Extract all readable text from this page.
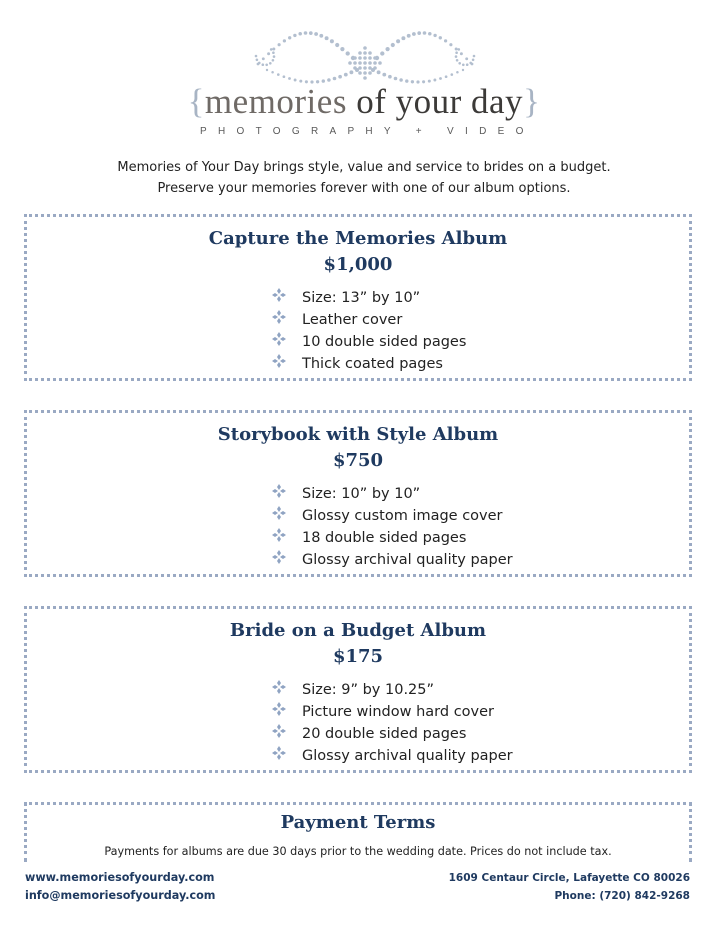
{memories of your day}
PHOTOGRAPHY + VIDEO
Memories of Your Day brings style, value and service to brides on a budget.
Preserve your memories forever with one of our album options.
Capture the Memories Album
$1,000
Size: 13” by 10”
Leather cover
10 double sided pages
Thick coated pages
Storybook with Style Album
$750
Size: 10” by 10”
Glossy custom image cover
18 double sided pages
Glossy archival quality paper
Bride on a Budget Album
$175
Size: 9” by 10.25”
Picture window hard cover
20 double sided pages
Glossy archival quality paper
Payment Terms
Payments for albums are due 30 days prior to the wedding date. Prices do not include tax.
www.memoriesofyourday.com
info@memoriesofyourday.com
1609 Centaur Circle, Lafayette CO 80026
Phone: (720) 842-9268
